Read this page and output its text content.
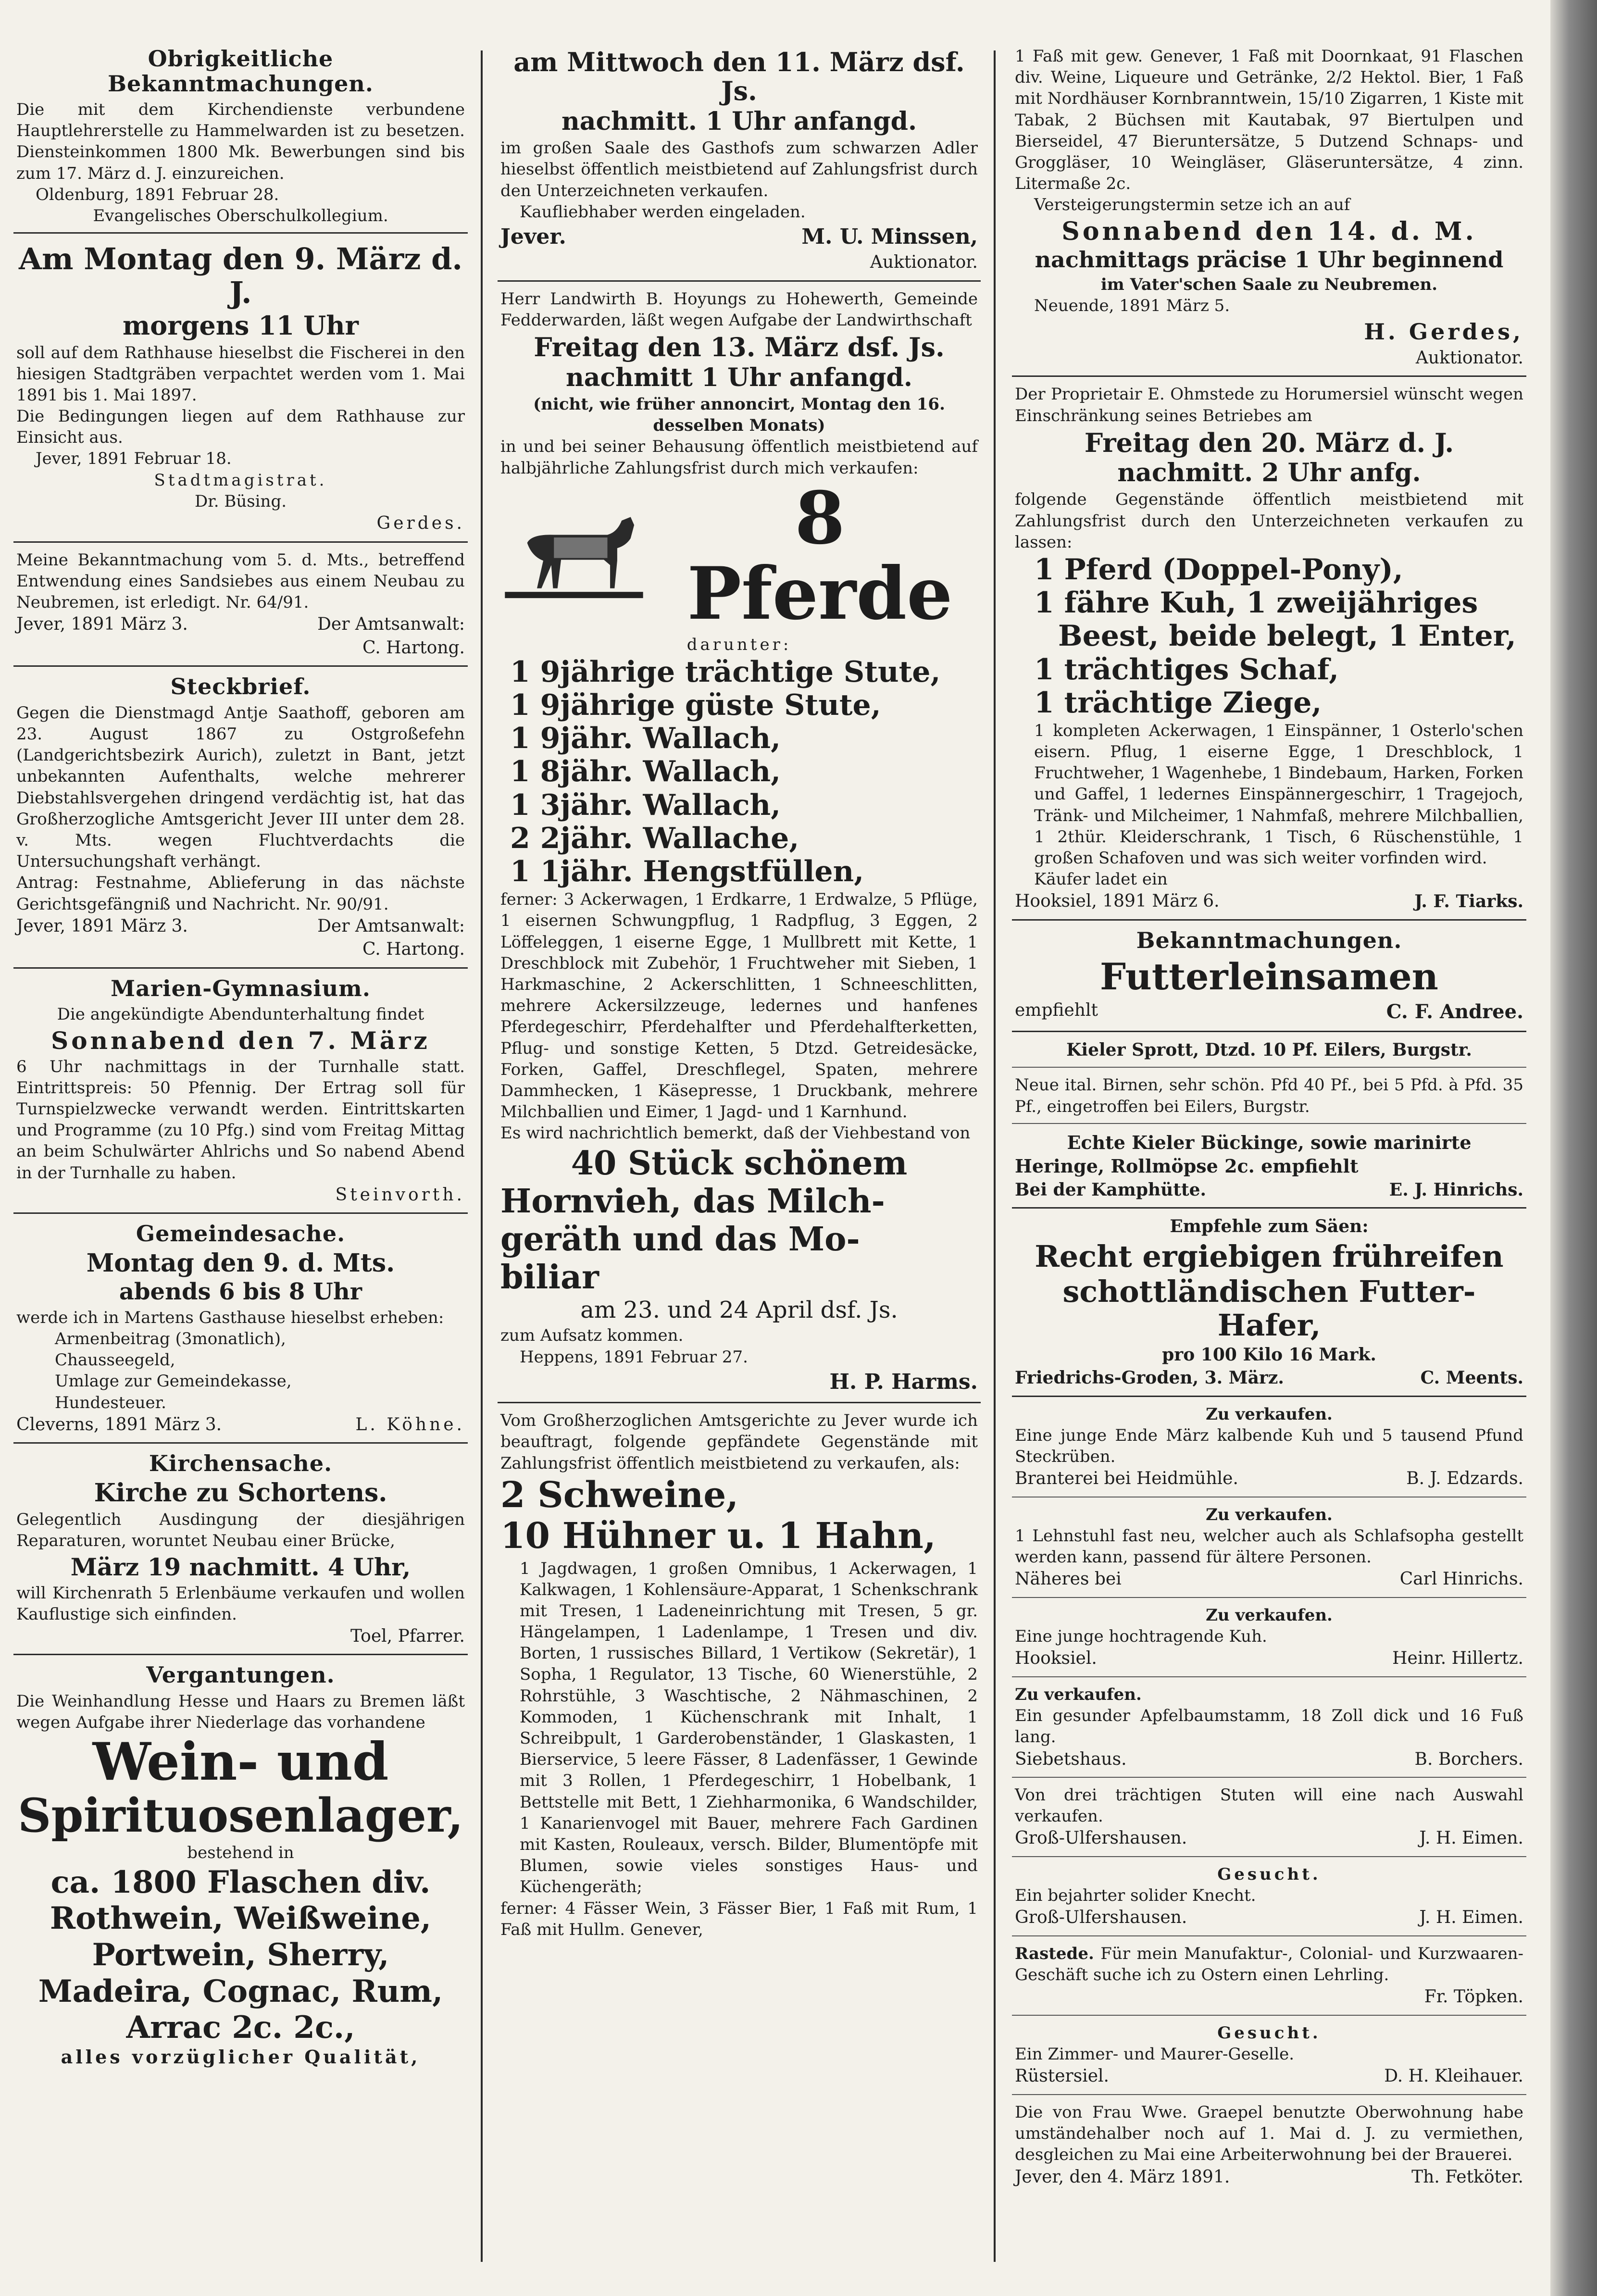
Obrigkeitliche Bekanntmachungen.

Die mit dem Kirchendienste verbundene Hauptlehrerstelle zu Hammelwarden ist zu besetzen. Diensteinkommen 1800 Mk. Bewerbungen sind bis zum 17. März d. J. einzureichen.

Oldenburg, 1891 Februar 28.
Evangelisches Oberschulkollegium.
Am Montag den 9. März d. J.
morgens 11 Uhr

soll auf dem Rathhause hieselbst die Fischerei in den hiesigen Stadtgräben verpachtet werden vom 1. Mai 1891 bis 1. Mai 1897.

Die Bedingungen liegen auf dem Rathhause zur Einsicht aus.

Jever, 1891 Februar 18.
Stadtmagistrat.
Dr. Büsing.
Gerdes.

Meine Bekanntmachung vom 5. d. Mts., betreffend Entwendung eines Sandsiebes aus einem Neubau zu Neubremen, ist erledigt. Nr. 64/91.

Jever, 1891 März 3.	Der Amtsanwalt:
C. Hartong.
Steckbrief.

Gegen die Dienstmagd Antje Saathoff, geboren am 23. August 1867 zu Ostgroßefehn (Landgerichtsbezirk Aurich), zuletzt in Bant, jetzt unbekannten Aufenthalts, welche mehrerer Diebstahlsvergehen dringend verdächtig ist, hat das Großherzogliche Amtsgericht Jever III unter dem 28. v. Mts. wegen Fluchtverdachts die Untersuchungshaft verhängt.

Antrag: Festnahme, Ablieferung in das nächste Gerichtsgefängniß und Nachricht. Nr. 90/91.

Jever, 1891 März 3.	Der Amtsanwalt:
C. Hartong.
Marien-Gymnasium.
Die angekündigte Abendunterhaltung findet
Sonnabend den 7. März

6 Uhr nachmittags in der Turnhalle statt. Eintrittspreis: 50 Pfennig. Der Ertrag soll für Turnspielzwecke verwandt werden. Eintrittskarten und Programme (zu 10 Pfg.) sind vom Freitag Mittag an beim Schulwärter Ahlrichs und So nabend Abend in der Turnhalle zu haben.

Steinvorth.
Gemeindesache.
Montag den 9. d. Mts.
abends 6 bis 8 Uhr

werde ich in Martens Gasthause hieselbst erheben:

Armenbeitrag (3monatlich),
Chausseegeld,
Umlage zur Gemeindekasse,
Hundesteuer.
Cleverns, 1891 März 3.	L. Köhne.
Kirchensache.
Kirche zu Schortens.

Gelegentlich Ausdingung der diesjährigen Reparaturen, woruntet Neubau einer Brücke,

März 19 nachmitt. 4 Uhr,

will Kirchenrath 5 Erlenbäume verkaufen und wollen Kauflustige sich einfinden.

Toel, Pfarrer.
Vergantungen.

Die Weinhandlung Hesse und Haars zu Bremen läßt wegen Aufgabe ihrer Niederlage das vorhandene

Wein- und
Spirituosenlager,
bestehend in
ca. 1800 Flaschen div.
Rothwein, Weißweine,
Portwein, Sherry,
Madeira, Cognac, Rum,
Arrac 2c. 2c.,
alles vorzüglicher Qualität,
am Mittwoch den 11. März dsf. Js.
nachmitt. 1 Uhr anfangd.

im großen Saale des Gasthofs zum schwarzen Adler hieselbst öffentlich meistbietend auf Zahlungsfrist durch den Unterzeichneten verkaufen.

Kaufliebhaber werden eingeladen.

Jever.	M. U. Minssen,
Auktionator.

Herr Landwirth B. Hoyungs zu Hohewerth, Gemeinde Fedderwarden, läßt wegen Aufgabe der Landwirthschaft

Freitag den 13. März dsf. Js.
nachmitt 1 Uhr anfangd.
(nicht, wie früher annoncirt, Montag den 16. desselben Monats)

in und bei seiner Behausung öffentlich meistbietend auf halbjährliche Zahlungsfrist durch mich verkaufen:

8 Pferde
darunter:
1 9jährige trächtige Stute,
1 9jährige güste Stute,
1 9jähr. Wallach,
1 8jähr. Wallach,
1 3jähr. Wallach,
2 2jähr. Wallache,
1 1jähr. Hengstfüllen,

ferner: 3 Ackerwagen, 1 Erdkarre, 1 Erdwalze, 5 Pflüge, 1 eisernen Schwungpflug, 1 Radpflug, 3 Eggen, 2 Löffeleggen, 1 eiserne Egge, 1 Mullbrett mit Kette, 1 Dreschblock mit Zubehör, 1 Fruchtweher mit Sieben, 1 Harkmaschine, 2 Ackerschlitten, 1 Schneeschlitten, mehrere Ackersilzzeuge, ledernes und hanfenes Pferdegeschirr, Pferdehalfter und Pferdehalfterketten, Pflug- und sonstige Ketten, 5 Dtzd. Getreidesäcke, Forken, Gaffel, Dreschflegel, Spaten, mehrere Dammhecken, 1 Käsepresse, 1 Druckbank, mehrere Milchballien und Eimer, 1 Jagd- und 1 Karnhund.

Es wird nachrichtlich bemerkt, daß der Viehbestand von

40 Stück schönem
Hornvieh, das Milch-
geräth und das Mo-
biliar
am 23. und 24 April dsf. Js.
zum Aufsatz kommen.
Heppens, 1891 Februar 27.
H. P. Harms.

Vom Großherzoglichen Amtsgerichte zu Jever wurde ich beauftragt, folgende gepfändete Gegenstände mit Zahlungsfrist öffentlich meistbietend zu verkaufen, als:

2 Schweine,
10 Hühner u. 1 Hahn,

1 Jagdwagen, 1 großen Omnibus, 1 Ackerwagen, 1 Kalkwagen, 1 Kohlensäure-Apparat, 1 Schenkschrank mit Tresen, 1 Ladeneinrichtung mit Tresen, 5 gr. Hängelampen, 1 Ladenlampe, 1 Tresen und div. Borten, 1 russisches Billard, 1 Vertikow (Sekretär), 1 Sopha, 1 Regulator, 13 Tische, 60 Wienerstühle, 2 Rohrstühle, 3 Waschtische, 2 Nähmaschinen, 2 Kommoden, 1 Küchenschrank mit Inhalt, 1 Schreibpult, 1 Garderobenständer, 1 Glaskasten, 1 Bierservice, 5 leere Fässer, 8 Ladenfässer, 1 Gewinde mit 3 Rollen, 1 Pferdegeschirr, 1 Hobelbank, 1 Bettstelle mit Bett, 1 Ziehharmonika, 6 Wandschilder, 1 Kanarienvogel mit Bauer, mehrere Fach Gardinen mit Kasten, Rouleaux, versch. Bilder, Blumentöpfe mit Blumen, sowie vieles sonstiges Haus- und Küchengeräth;

ferner: 4 Fässer Wein, 3 Fässer Bier, 1 Faß mit Rum, 1 Faß mit Hullm. Genever,

1 Faß mit gew. Genever, 1 Faß mit Doornkaat, 91 Flaschen div. Weine, Liqueure und Getränke, 2/2 Hektol. Bier, 1 Faß mit Nordhäuser Kornbranntwein, 15/10 Zigarren, 1 Kiste mit Tabak, 2 Büchsen mit Kautabak, 97 Biertulpen und Bierseidel, 47 Bieruntersätze, 5 Dutzend Schnaps- und Groggläser, 10 Weingläser, Gläseruntersätze, 4 zinn. Litermaße 2c.

Versteigerungstermin setze ich an auf
Sonnabend den 14. d. M.
nachmittags präcise 1 Uhr beginnend
im Vater'schen Saale zu Neubremen.
Neuende, 1891 März 5.
H. Gerdes,
Auktionator.

Der Proprietair E. Ohmstede zu Horumersiel wünscht wegen Einschränkung seines Betriebes am

Freitag den 20. März d. J.
nachmitt. 2 Uhr anfg.

folgende Gegenstände öffentlich meistbietend mit Zahlungsfrist durch den Unterzeichneten verkaufen zu lassen:

1 Pferd (Doppel-Pony),
1 fähre Kuh, 1 zweijähriges
Beest, beide belegt, 1 Enter,
1 trächtiges Schaf,
1 trächtige Ziege,

1 kompleten Ackerwagen, 1 Einspänner, 1 Osterlo'schen eisern. Pflug, 1 eiserne Egge, 1 Dreschblock, 1 Fruchtweher, 1 Wagenhebe, 1 Bindebaum, Harken, Forken und Gaffel, 1 ledernes Einspännergeschirr, 1 Tragejoch, Tränk- und Milcheimer, 1 Nahmfaß, mehrere Milchballien, 1 2thür. Kleiderschrank, 1 Tisch, 6 Rüschenstühle, 1 großen Schafoven und was sich weiter vorfinden wird.

Käufer ladet ein
Hooksiel, 1891 März 6.	J. F. Tiarks.
Bekanntmachungen.
Futterleinsamen
empfiehlt	C. F. Andree.
Kieler Sprott, Dtzd. 10 Pf. Eilers, Burgstr.
Neue ital. Birnen, sehr schön. Pfd 40 Pf., bei 5 Pfd. à Pfd. 35 Pf., eingetroffen bei Eilers, Burgstr.
Echte Kieler Bückinge, sowie marinirte
Heringe, Rollmöpse 2c. empfiehlt
Bei der Kamphütte.	E. J. Hinrichs.
Empfehle zum Säen:
Recht ergiebigen frühreifen
schottländischen Futter-Hafer,
pro 100 Kilo 16 Mark.
Friedrichs-Groden, 3. März.	C. Meents.
Zu verkaufen.

Eine junge Ende März kalbende Kuh und 5 tausend Pfund Steckrüben.

Branterei bei Heidmühle.	B. J. Edzards.
Zu verkaufen.

1 Lehnstuhl fast neu, welcher auch als Schlafsopha gestellt werden kann, passend für ältere Personen.

Näheres bei	Carl Hinrichs.
Zu verkaufen.

Eine junge hochtragende Kuh.

Hooksiel.	Heinr. Hillertz.
Zu verkaufen.

Ein gesunder Apfelbaumstamm, 18 Zoll dick und 16 Fuß lang.

Siebetshaus.	B. Borchers.

Von drei trächtigen Stuten will eine nach Auswahl verkaufen.

Groß-Ulfershausen.	J. H. Eimen.
Gesucht.

Ein bejahrter solider Knecht.

Groß-Ulfershausen.	J. H. Eimen.

Rastede. Für mein Manufaktur-, Colonial- und Kurzwaaren-Geschäft suche ich zu Ostern einen Lehrling.

Fr. Töpken.
Gesucht.

Ein Zimmer- und Maurer-Geselle.

Rüstersiel.	D. H. Kleihauer.

Die von Frau Wwe. Graepel benutzte Oberwohnung habe umständehalber noch auf 1. Mai d. J. zu vermiethen, desgleichen zu Mai eine Arbeiterwohnung bei der Brauerei.

Jever, den 4. März 1891.	Th. Fetköter.
